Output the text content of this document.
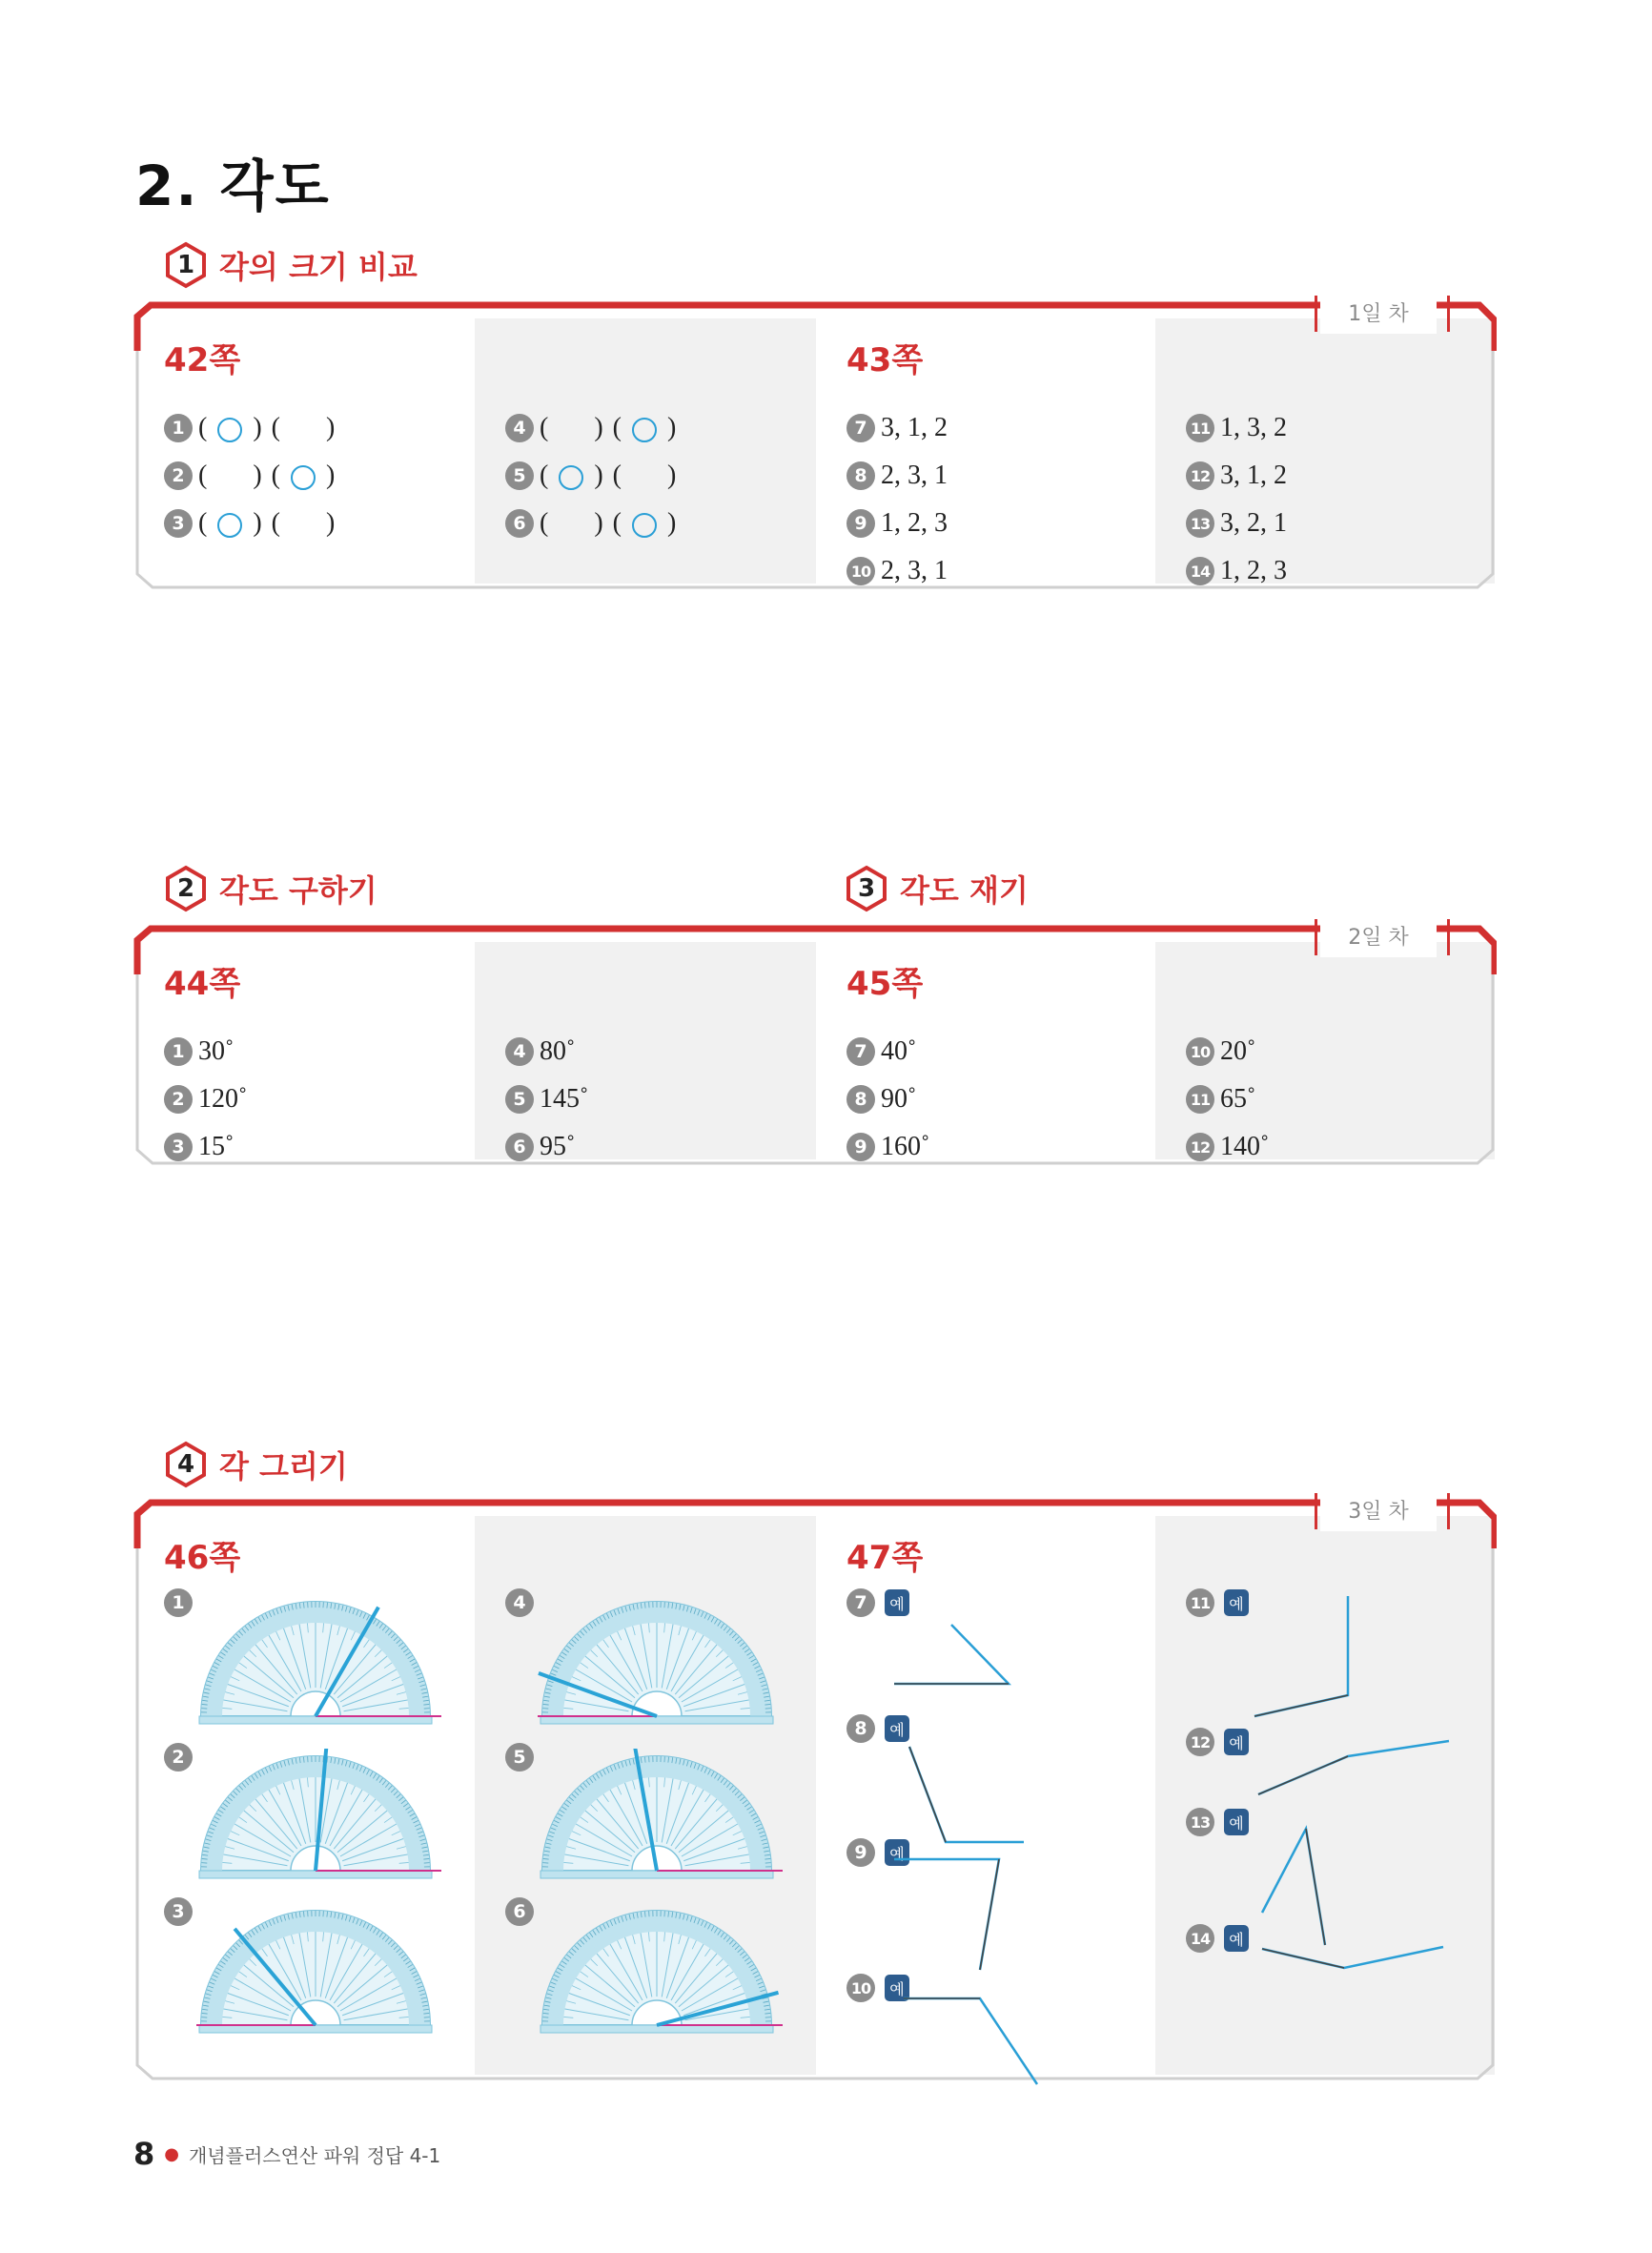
2. 각도
1 각의 크기 비교
1일 차
42쪽	43쪽
1 ( ) ( )
2 ( ) ( )
3 ( ) ( )
4 ( ) ( )
5 ( ) ( )
6 ( ) ( )
7 3, 1, 2
8 2, 3, 1
9 1, 2, 3
10 2, 3, 1
11 1, 3, 2
12 3, 1, 2
13 3, 2, 1
14 1, 2, 3
2 각도 구하기	3 각도 재기
2일 차
44쪽	45쪽
1 30˚
2 120˚
3 15˚
4 80˚
5 145˚
6 95˚
7 40˚
8 90˚
9 160˚
10 20˚
11 65˚
12 140˚
4 각 그리기
3일 차
46쪽	47쪽
1
2
3
4
5
6
7	예
8	예
9	예
10	예
11	예
12	예
13	예
14	예
8 ● 개념플러스연산 파워 정답 4-1
